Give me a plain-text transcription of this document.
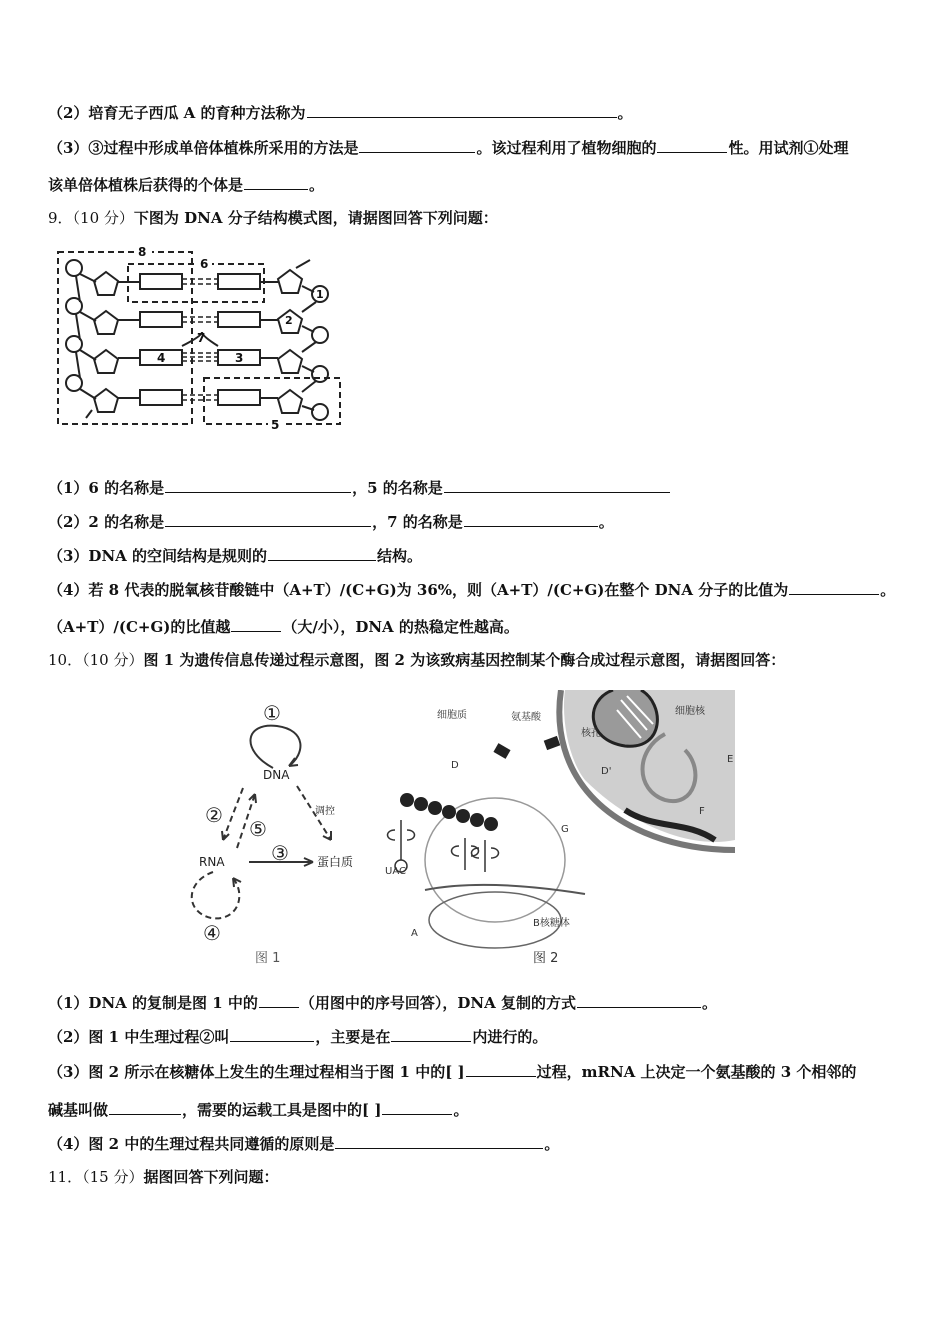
（2）培育无子西瓜 A 的育种方法称为	。
（3）③过程中形成单倍体植株所采用的方法是	。该过程利用了植物细胞的	性。用试剂①处理
该单倍体植株后获得的个体是	。
9．（10 分）下图为 DNA 分子结构模式图，请据图回答下列问题：
8
6
1
2
7
4	3
5
（1）6 的名称是	，5 的名称是
（2）2 的名称是	，7 的名称是	。
（3）DNA 的空间结构是规则的	结构。
（4）若 8 代表的脱氧核苷酸链中（A+T）/(C+G)为 36%，则（A+T）/(C+G)在整个 DNA 分子的比值为	。
（A+T）/(C+G)的比值越	（大/小），DNA 的热稳定性越高。
10．（10 分）图 1 为遗传信息传递过程示意图，图 2 为该致病基因控制某个酶合成过程示意图，请据图回答：
①
②
⑤
③
④
DNA
RNA	蛋白质
调控
图 1
细胞质	氨基酸
细胞核
核孔
D
D'
E
F
G
UAC
A
B核糖体
图 2
（1）DNA 的复制是图 1 中的	（用图中的序号回答），DNA 复制的方式	。
（2）图 1 中生理过程②叫	，主要是在	内进行的。
（3）图 2 所示在核糖体上发生的生理过程相当于图 1 中的[ ]	过程，mRNA 上决定一个氨基酸的 3 个相邻的
碱基叫做	，需要的运载工具是图中的[ ]	。
（4）图 2 中的生理过程共同遵循的原则是	。
11．（15 分）据图回答下列问题：
